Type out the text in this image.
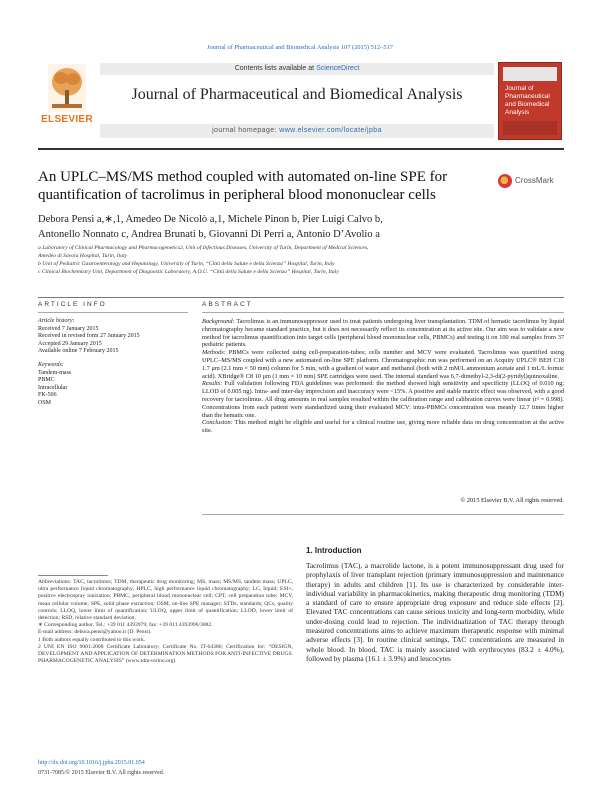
Journal of Pharmaceutical and Biomedical Analysis 107 (2015) 512–517
ELSEVIER
Contents lists available at ScienceDirect
Journal of Pharmaceutical and Biomedical Analysis
journal homepage: www.elsevier.com/locate/jpba
Journal of Pharmaceutical and Biomedical Analysis
An UPLC–MS/MS method coupled with automated on-line SPE for quantification of tacrolimus in peripheral blood mononuclear cells
CrossMark
Debora Pensi a,∗,1, Amedeo De Nicolò a,1, Michele Pinon b, Pier Luigi Calvo b,
Antonello Nonnato c, Andrea Brunati b, Giovanni Di Perri a, Antonio D’Avolio a
a Laboratory of Clinical Pharmacology and Pharmacogenetics2, Unit of Infectious Diseases, University of Turin, Department of Medical Sciences,
Amedeo di Savoia Hospital, Turin, Italy
b Unit of Pediatric Gastroenterology and Hepatology, University of Turin, “Città della Salute e della Scienza” Hospital, Turin, Italy
c Clinical Biochemistry Unit, Department of Diagnostic Laboratory, A.O.U. “Città della Salute e della Scienza” Hospital, Turin, Italy
ARTICLE INFO	ABSTRACT
Article history:
Received 7 January 2015
Received in revised form 27 January 2015
Accepted 29 January 2015
Available online 7 February 2015
Keywords:
Tandem-mass
PBMC
Intracellular
FK-506
OSM
Background: Tacrolimus is an immunosuppressor used to treat patients undergoing liver transplantation. TDM of hematic tacrolimus by liquid chromatography became standard practice, but it does not necessarily reflect its concentration at its active site. Our aim was to validate a new method for tacrolimus quantification into target cells (peripheral blood mononuclear cells, PBMCs) and testing it on 100 real samples from 37 pediatric patients.
Methods: PBMCs were collected using cell-preparation-tubes; cells number and MCV were evaluated. Tacrolimus was quantified using UPLC–MS/MS coupled with a new automated on-line SPE platform. Chromatographic run was performed on an Acquity UPLC® BEH C18 1.7 μm (2.1 mm × 50 mm) column for 5 min, with a gradient of water and methanol (both with 2 mM/L ammonium acetate and 1 mL/L formic acid). XBridge® C8 10 μm (1 mm × 10 mm) SPE cartridges were used. The internal standard was 6,7-dimethyl-2,3-di(2-pyridyl)quinoxaline.
Results: Full validation following FDA guidelines was performed: the method showed high sensitivity and specificity (LLOQ of 0.010 ng; LLOD of 0.005 ng). Intra- and inter-day imprecision and inaccuracy were <15%. A positive and stable matrix effect was observed, with a good recovery for tacrolimus. All drug amounts in real samples resulted within the calibration range and calibration curves were linear (r² = 0.998). Concentrations from each patient were standardized using their evaluated MCV: intra-PBMCs concentration was meanly 12.7 times higher than the hematic one.
Conclusion: This method might be eligible and useful for a clinical routine use, giving more reliable data on drug concentration at the active site.
© 2015 Elsevier B.V. All rights reserved.
1. Introduction
Tacrolimus (TAC), a macrolide lactone, is a potent immunosuppressant drug used for prophylaxis of liver transplant rejection (primary immunosuppression and maintenance therapy) in adults and children [1]. Its use is characterized by considerable inter-individual variability in pharmacokinetics, making therapeutic drug monitoring (TDM) a standard of care to ensure appropriate drug exposure and reduce side effects [2]. Elevated TAC concentrations can cause serious toxicity and long-term morbidity, while under-dosing could lead to rejection. The individualization of TAC therapy through measured concentrations aims to achieve maximum therapeutic response with minimal adverse effects [3]. In routine clinical settings, TAC concentrations are measured in whole blood. In blood, TAC is mainly associated with erythrocytes (83.2 ± 4.0%), followed by plasma (16.1 ± 3.9%) and leucocytes
Abbreviations: TAC, tacrolimus; TDM, therapeutic drug monitoring; MS, mass; MS/MS, tandem mass; UPLC, ultra performance liquid chromatography; HPLC, high performance liquid chromatography; LC, liquid; ESI+, positive electrospray ionization; PBMC, peripheral blood mononuclear cell; CPT, cell preparation tube; MCV, mean cellular volume; SPE, solid phase extraction; OSM, on-line SPE manager; STDs, standards; QCs, quality controls; LLOQ, lower limit of quantification; ULOQ, upper limit of quantification; LLOD, lower limit of detection; RSD, relative standard deviation.
∗ Corresponding author. Tel.: +39 011 4393979; fax: +39 011 4393996/3882.
E-mail address: debora.pensi@yahoo.it (D. Pensi).
1 Both authors equally contributed to this work.
2 UNI EN ISO 9001:2008 Certificate Laboratory; Certificate No. IT-64386; Certification for: “DESIGN, DEVELOPMENT AND APPLICATION OF DETERMINATION METHODS FOR ANTI-INFECTIVE DRUGS. PHARMACOGENETIC ANALYSIS” (www.tdm-torino.org).
http://dx.doi.org/10.1016/j.jpba.2015.01.054
0731-7085/© 2015 Elsevier B.V. All rights reserved.
